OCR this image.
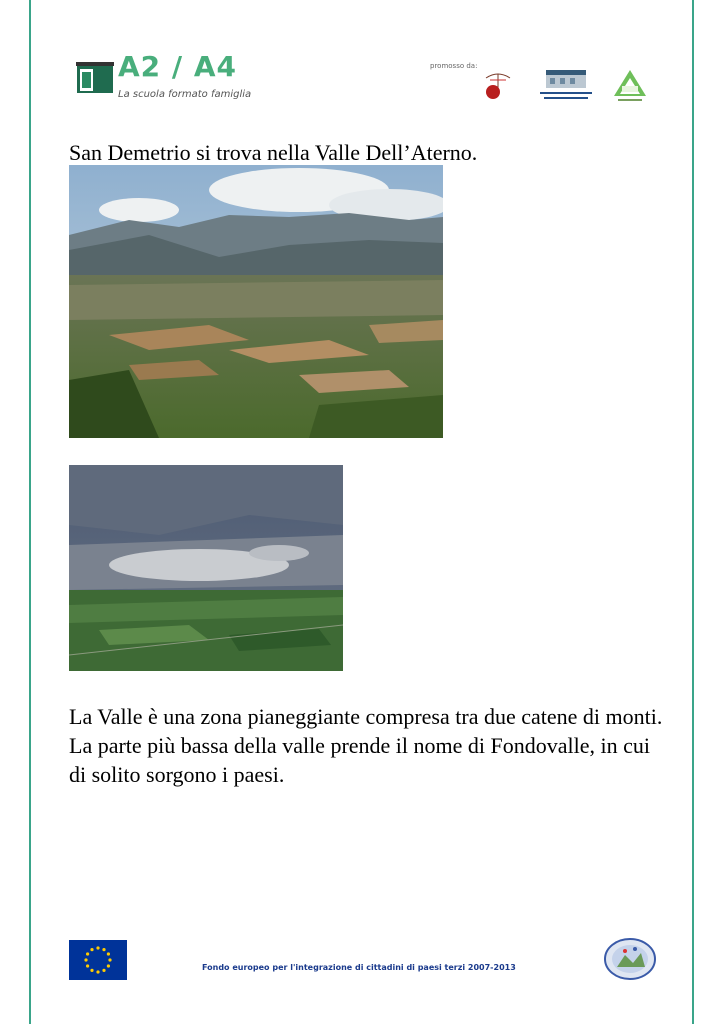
A2 / A4
La scuola formato famiglia
promosso da:
San Demetrio si trova nella Valle Dell’Aterno.

La Valle è una zona pianeggiante compresa tra due catene di monti. La parte più bassa della valle prende il nome di Fondovalle, in cui di solito sorgono i paesi.

Fondo europeo per l'integrazione di cittadini di paesi terzi 2007-2013
